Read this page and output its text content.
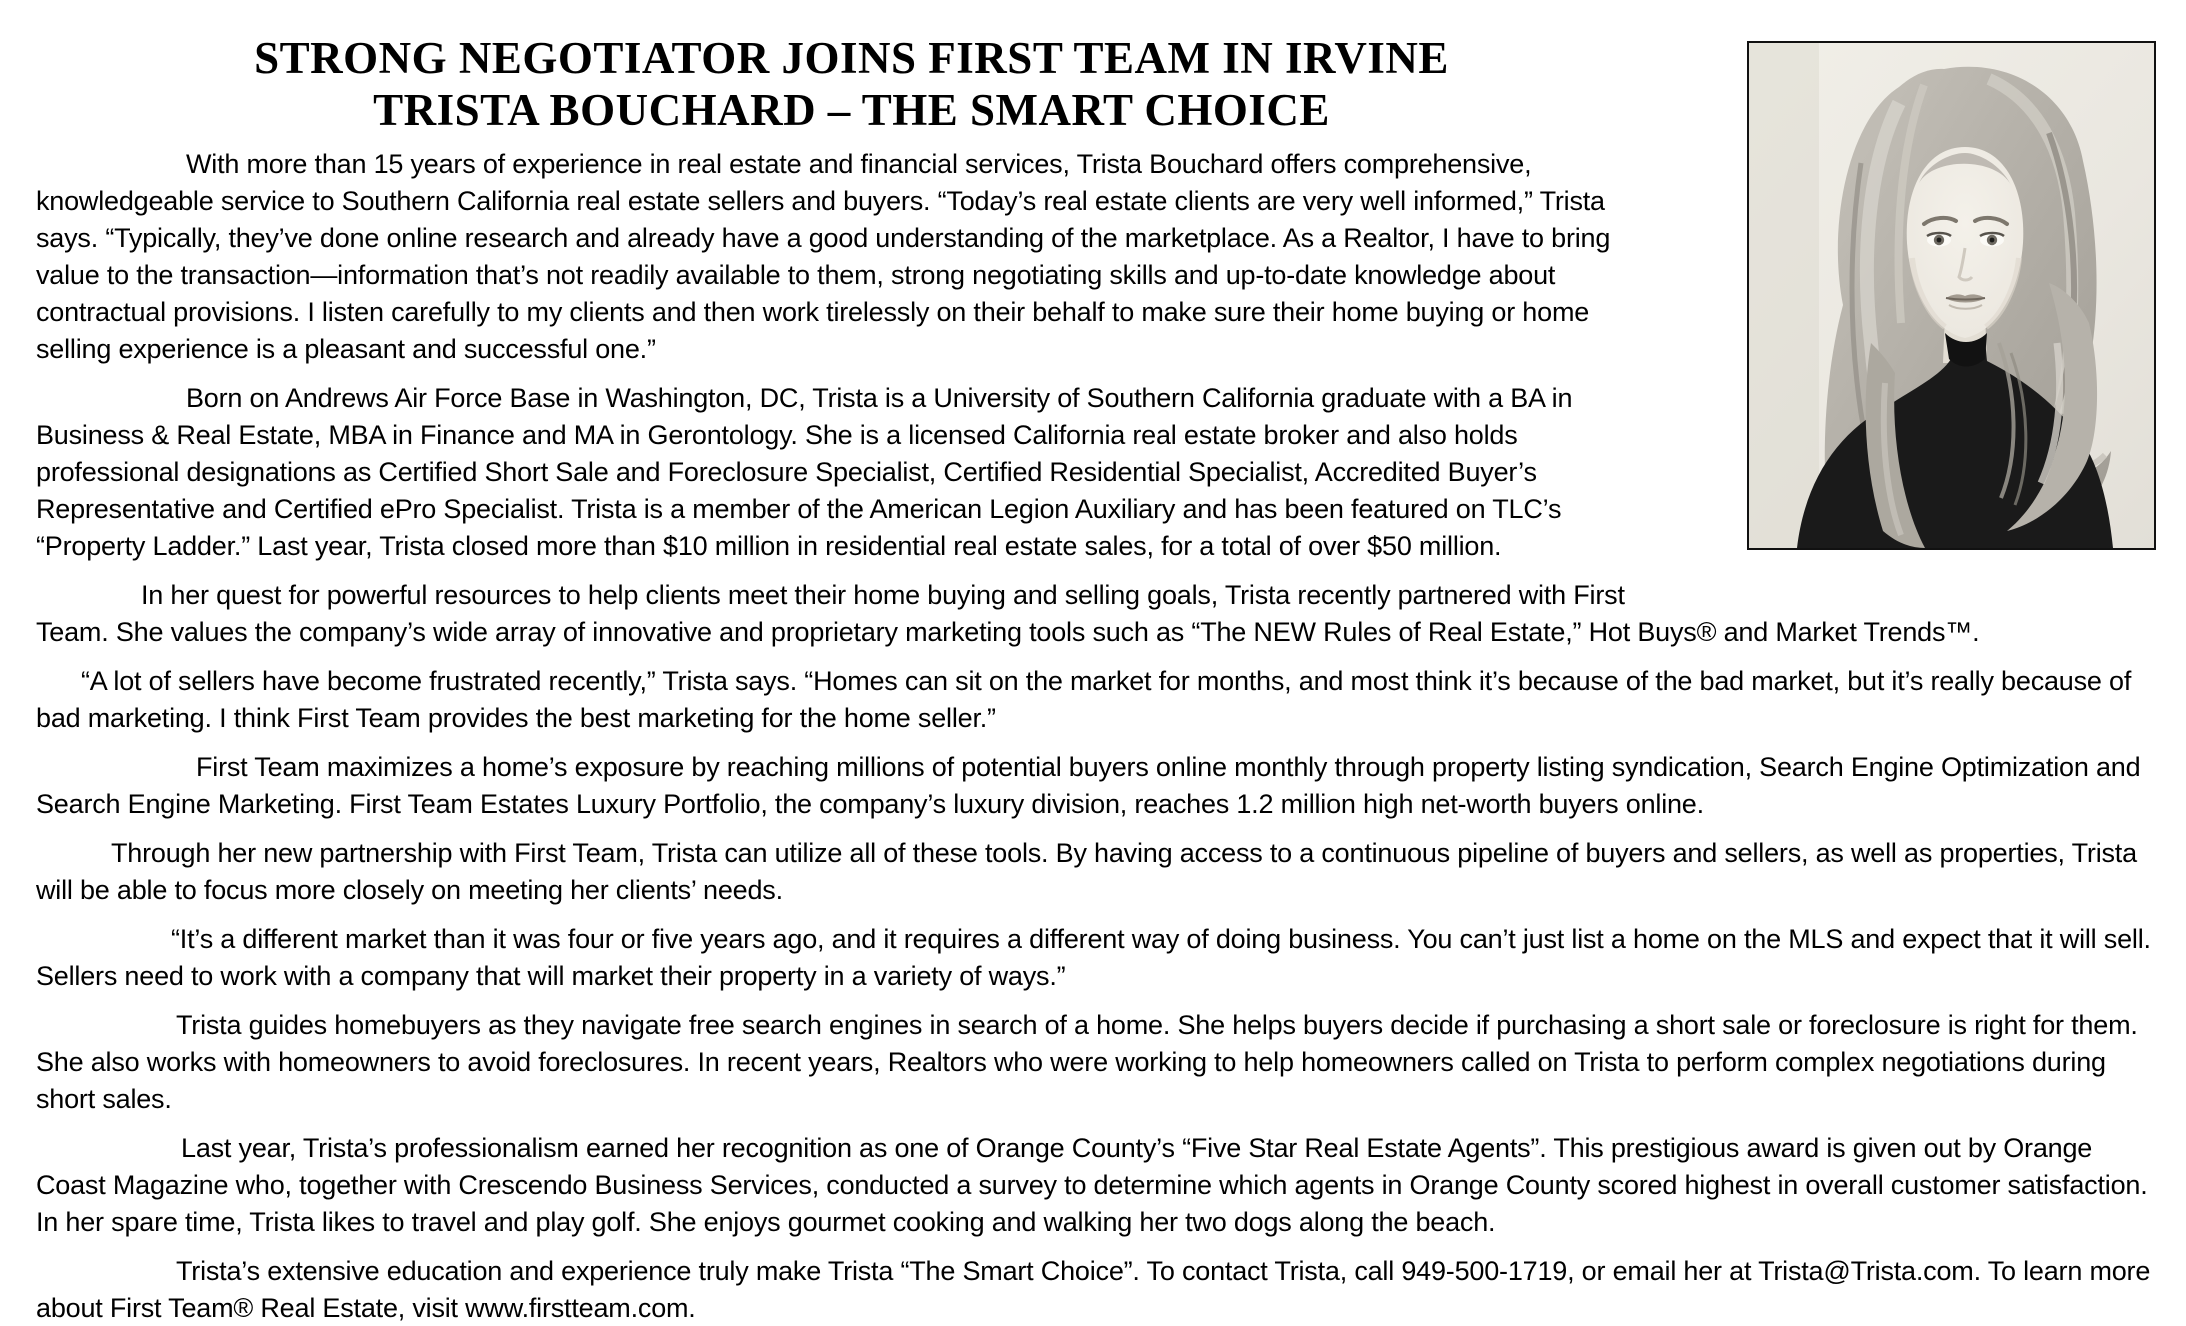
STRONG NEGOTIATOR JOINS FIRST TEAM IN IRVINE
TRISTA BOUCHARD – THE SMART CHOICE

With more than 15 years of experience in real estate and financial services, Trista Bouchard offers comprehensive, knowledgeable service to Southern California real estate sellers and buyers. “Today’s real estate clients are very well informed,” Trista says. “Typically, they’ve done online research and already have a good understanding of the marketplace. As a Realtor, I have to bring value to the transaction—information that’s not readily available to them, strong negotiating skills and up-to-date knowledge about contractual provisions. I listen carefully to my clients and then work tirelessly on their behalf to make sure their home buying or home selling experience is a pleasant and successful one.”

Born on Andrews Air Force Base in Washington, DC, Trista is a University of Southern California graduate with a BA in Business & Real Estate, MBA in Finance and MA in Gerontology. She is a licensed California real estate broker and also holds professional designations as Certified Short Sale and Foreclosure Specialist, Certified Residential Specialist, Accredited Buyer’s Representative and Certified ePro Specialist. Trista is a member of the American Legion Auxiliary and has been featured on TLC’s “Property Ladder.” Last year, Trista closed more than $10 million in residential real estate sales, for a total of over $50 million.

In her quest for powerful resources to help clients meet their home buying and selling goals, Trista recently partnered with First Team. She values the company’s wide array of innovative and proprietary marketing tools such as “The NEW Rules of Real Estate,” Hot Buys® and Market Trends™.

“A lot of sellers have become frustrated recently,” Trista says. “Homes can sit on the market for months, and most think it’s because of the bad market, but it’s really because of bad marketing. I think First Team provides the best marketing for the home seller.”

First Team maximizes a home’s exposure by reaching millions of potential buyers online monthly through property listing syndication, Search Engine Optimization and Search Engine Marketing. First Team Estates Luxury Portfolio, the company’s luxury division, reaches 1.2 million high net-worth buyers online.

Through her new partnership with First Team, Trista can utilize all of these tools. By having access to a continuous pipeline of buyers and sellers, as well as properties, Trista will be able to focus more closely on meeting her clients’ needs.

“It’s a different market than it was four or five years ago, and it requires a different way of doing business. You can’t just list a home on the MLS and expect that it will sell. Sellers need to work with a company that will market their property in a variety of ways.”

Trista guides homebuyers as they navigate free search engines in search of a home. She helps buyers decide if purchasing a short sale or foreclosure is right for them. She also works with homeowners to avoid foreclosures. In recent years, Realtors who were working to help homeowners called on Trista to perform complex negotiations during short sales.

Last year, Trista’s professionalism earned her recognition as one of Orange County’s “Five Star Real Estate Agents”. This prestigious award is given out by Orange Coast Magazine who, together with Crescendo Business Services, conducted a survey to determine which agents in Orange County scored highest in overall customer satisfaction. In her spare time, Trista likes to travel and play golf. She enjoys gourmet cooking and walking her two dogs along the beach.

Trista’s extensive education and experience truly make Trista “The Smart Choice”. To contact Trista, call 949-500-1719, or email her at Trista@Trista.com. To learn more about First Team® Real Estate, visit www.firstteam.com.
